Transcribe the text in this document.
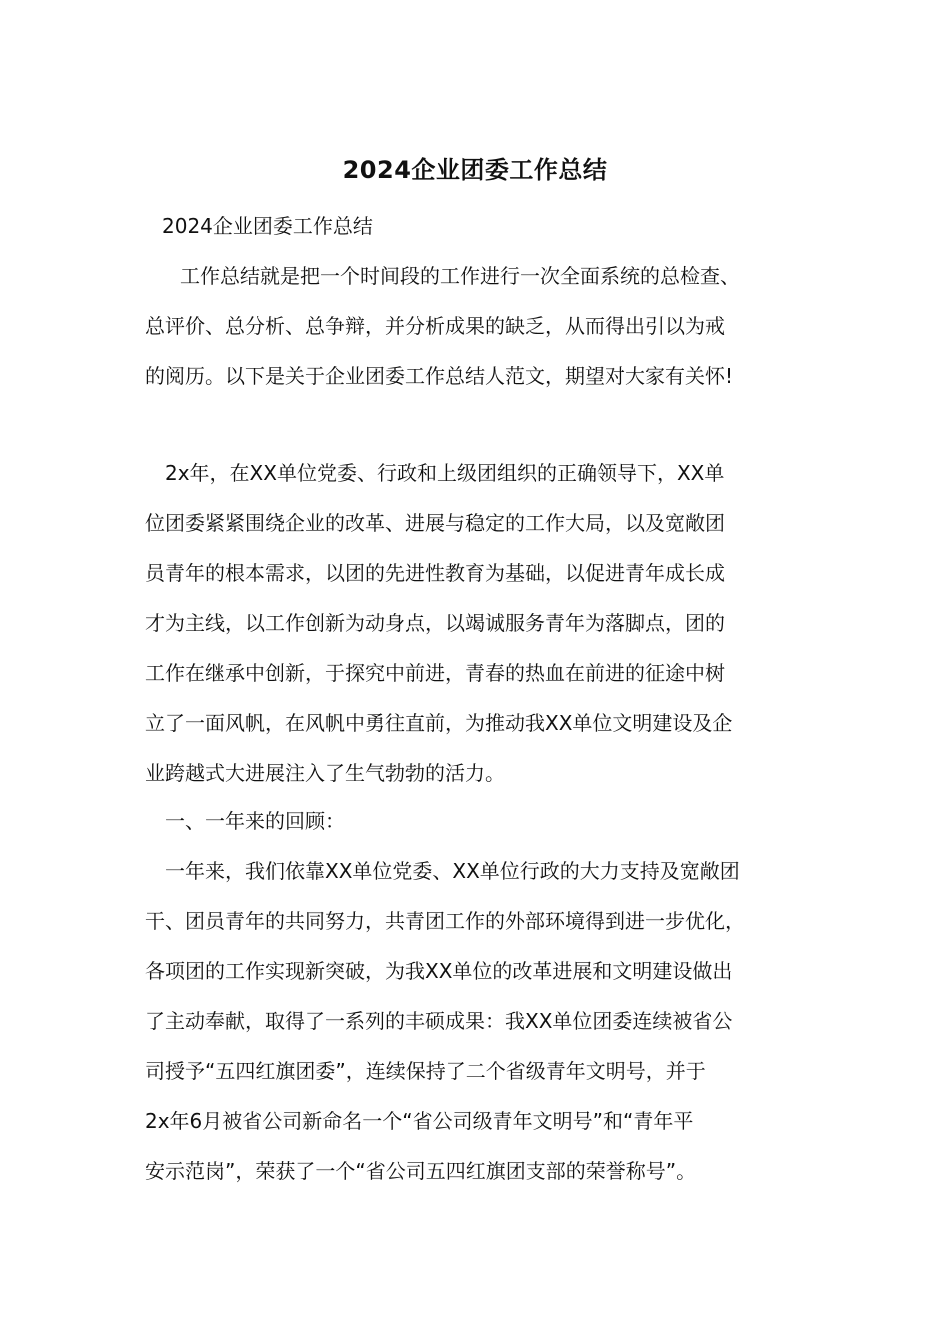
2024企业团委工作总结
2024企业团委工作总结
工作总结就是把一个时间段的工作进行一次全面系统的总检查、
总评价、总分析、总争辩，并分析成果的缺乏，从而得出引以为戒
的阅历。以下是关于企业团委工作总结人范文，期望对大家有关怀!
2x年，在XX单位党委、行政和上级团组织的正确领导下，XX单
位团委紧紧围绕企业的改革、进展与稳定的工作大局，以及宽敞团
员青年的根本需求，以团的先进性教育为基础，以促进青年成长成
才为主线，以工作创新为动身点，以竭诚服务青年为落脚点，团的
工作在继承中创新，于探究中前进，青春的热血在前进的征途中树
立了一面风帆，在风帆中勇往直前，为推动我XX单位文明建设及企
业跨越式大进展注入了生气勃勃的活力。
一、一年来的回顾：
一年来，我们依靠XX单位党委、XX单位行政的大力支持及宽敞团
干、团员青年的共同努力，共青团工作的外部环境得到进一步优化，
各项团的工作实现新突破，为我XX单位的改革进展和文明建设做出
了主动奉献，取得了一系列的丰硕成果：我XX单位团委连续被省公
司授予“五四红旗团委”，连续保持了二个省级青年文明号，并于
2x年6月被省公司新命名一个“省公司级青年文明号”和“青年平
安示范岗”，荣获了一个“省公司五四红旗团支部的荣誉称号”。
